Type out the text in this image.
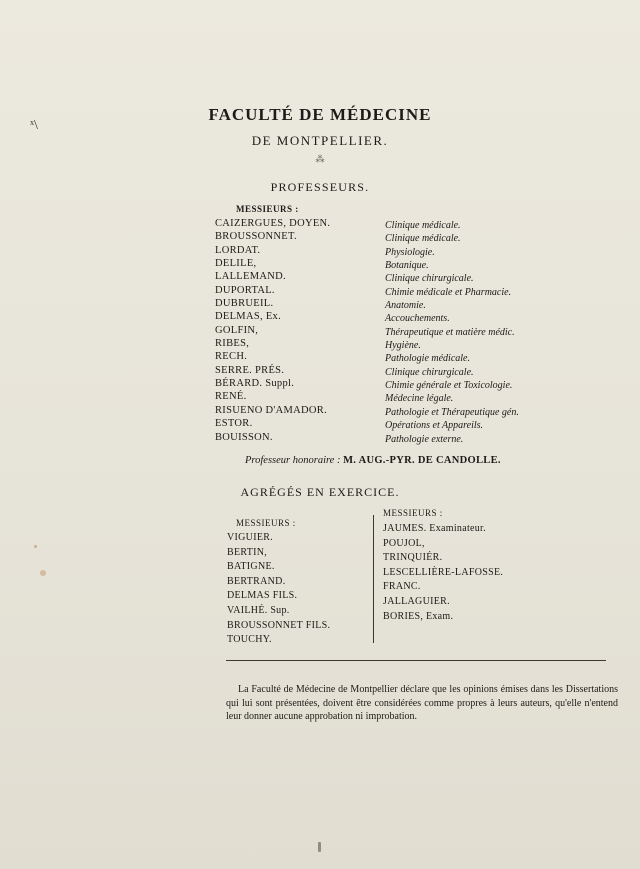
ˣ\
FACULTÉ DE MÉDECINE
DE MONTPELLIER.
⁂
PROFESSEURS.
MESSIEURS :
CAIZERGUES, DOYEN.
BROUSSONNET.
LORDAT.
DELILE,
LALLEMAND.
DUPORTAL.
DUBRUEIL.
DELMAS, Ex.
GOLFIN,
RIBES,
RECH.
SERRE. PRÉS.
BÉRARD. Suppl.
RENÉ.
RISUENO D'AMADOR.
ESTOR.
BOUISSON.
Clinique médicale.
Clinique médicale.
Physiologie.
Botanique.
Clinique chirurgicale.
Chimie médicale et Pharmacie.
Anatomie.
Accouchements.
Thérapeutique et matière médic.
Hygiène.
Pathologie médicale.
Clinique chirurgicale.
Chimie générale et Toxicologie.
Médecine légale.
Pathologie et Thérapeutique gén.
Opérations et Appareils.
Pathologie externe.
Professeur honoraire : M. AUG.-PYR. DE CANDOLLE.
AGRÉGÉS EN EXERCICE.
MESSIEURS :
MESSIEURS :
VIGUIER.
BERTIN,
BATIGNE.
BERTRAND.
DELMAS FILS.
VAILHÉ. Sup.
BROUSSONNET FILS.
TOUCHY.
JAUMES. Examinateur.
POUJOL,
TRINQUIÉR.
LESCELLIÈRE-LAFOSSE.
FRANC.
JALLAGUIER.
BORIES, Exam.

La Faculté de Médecine de Montpellier déclare que les opinions émises dans les Dissertations qui lui sont présentées, doivent être considérées comme propres à leurs auteurs, qu'elle n'entend leur donner aucune approbation ni improbation.
